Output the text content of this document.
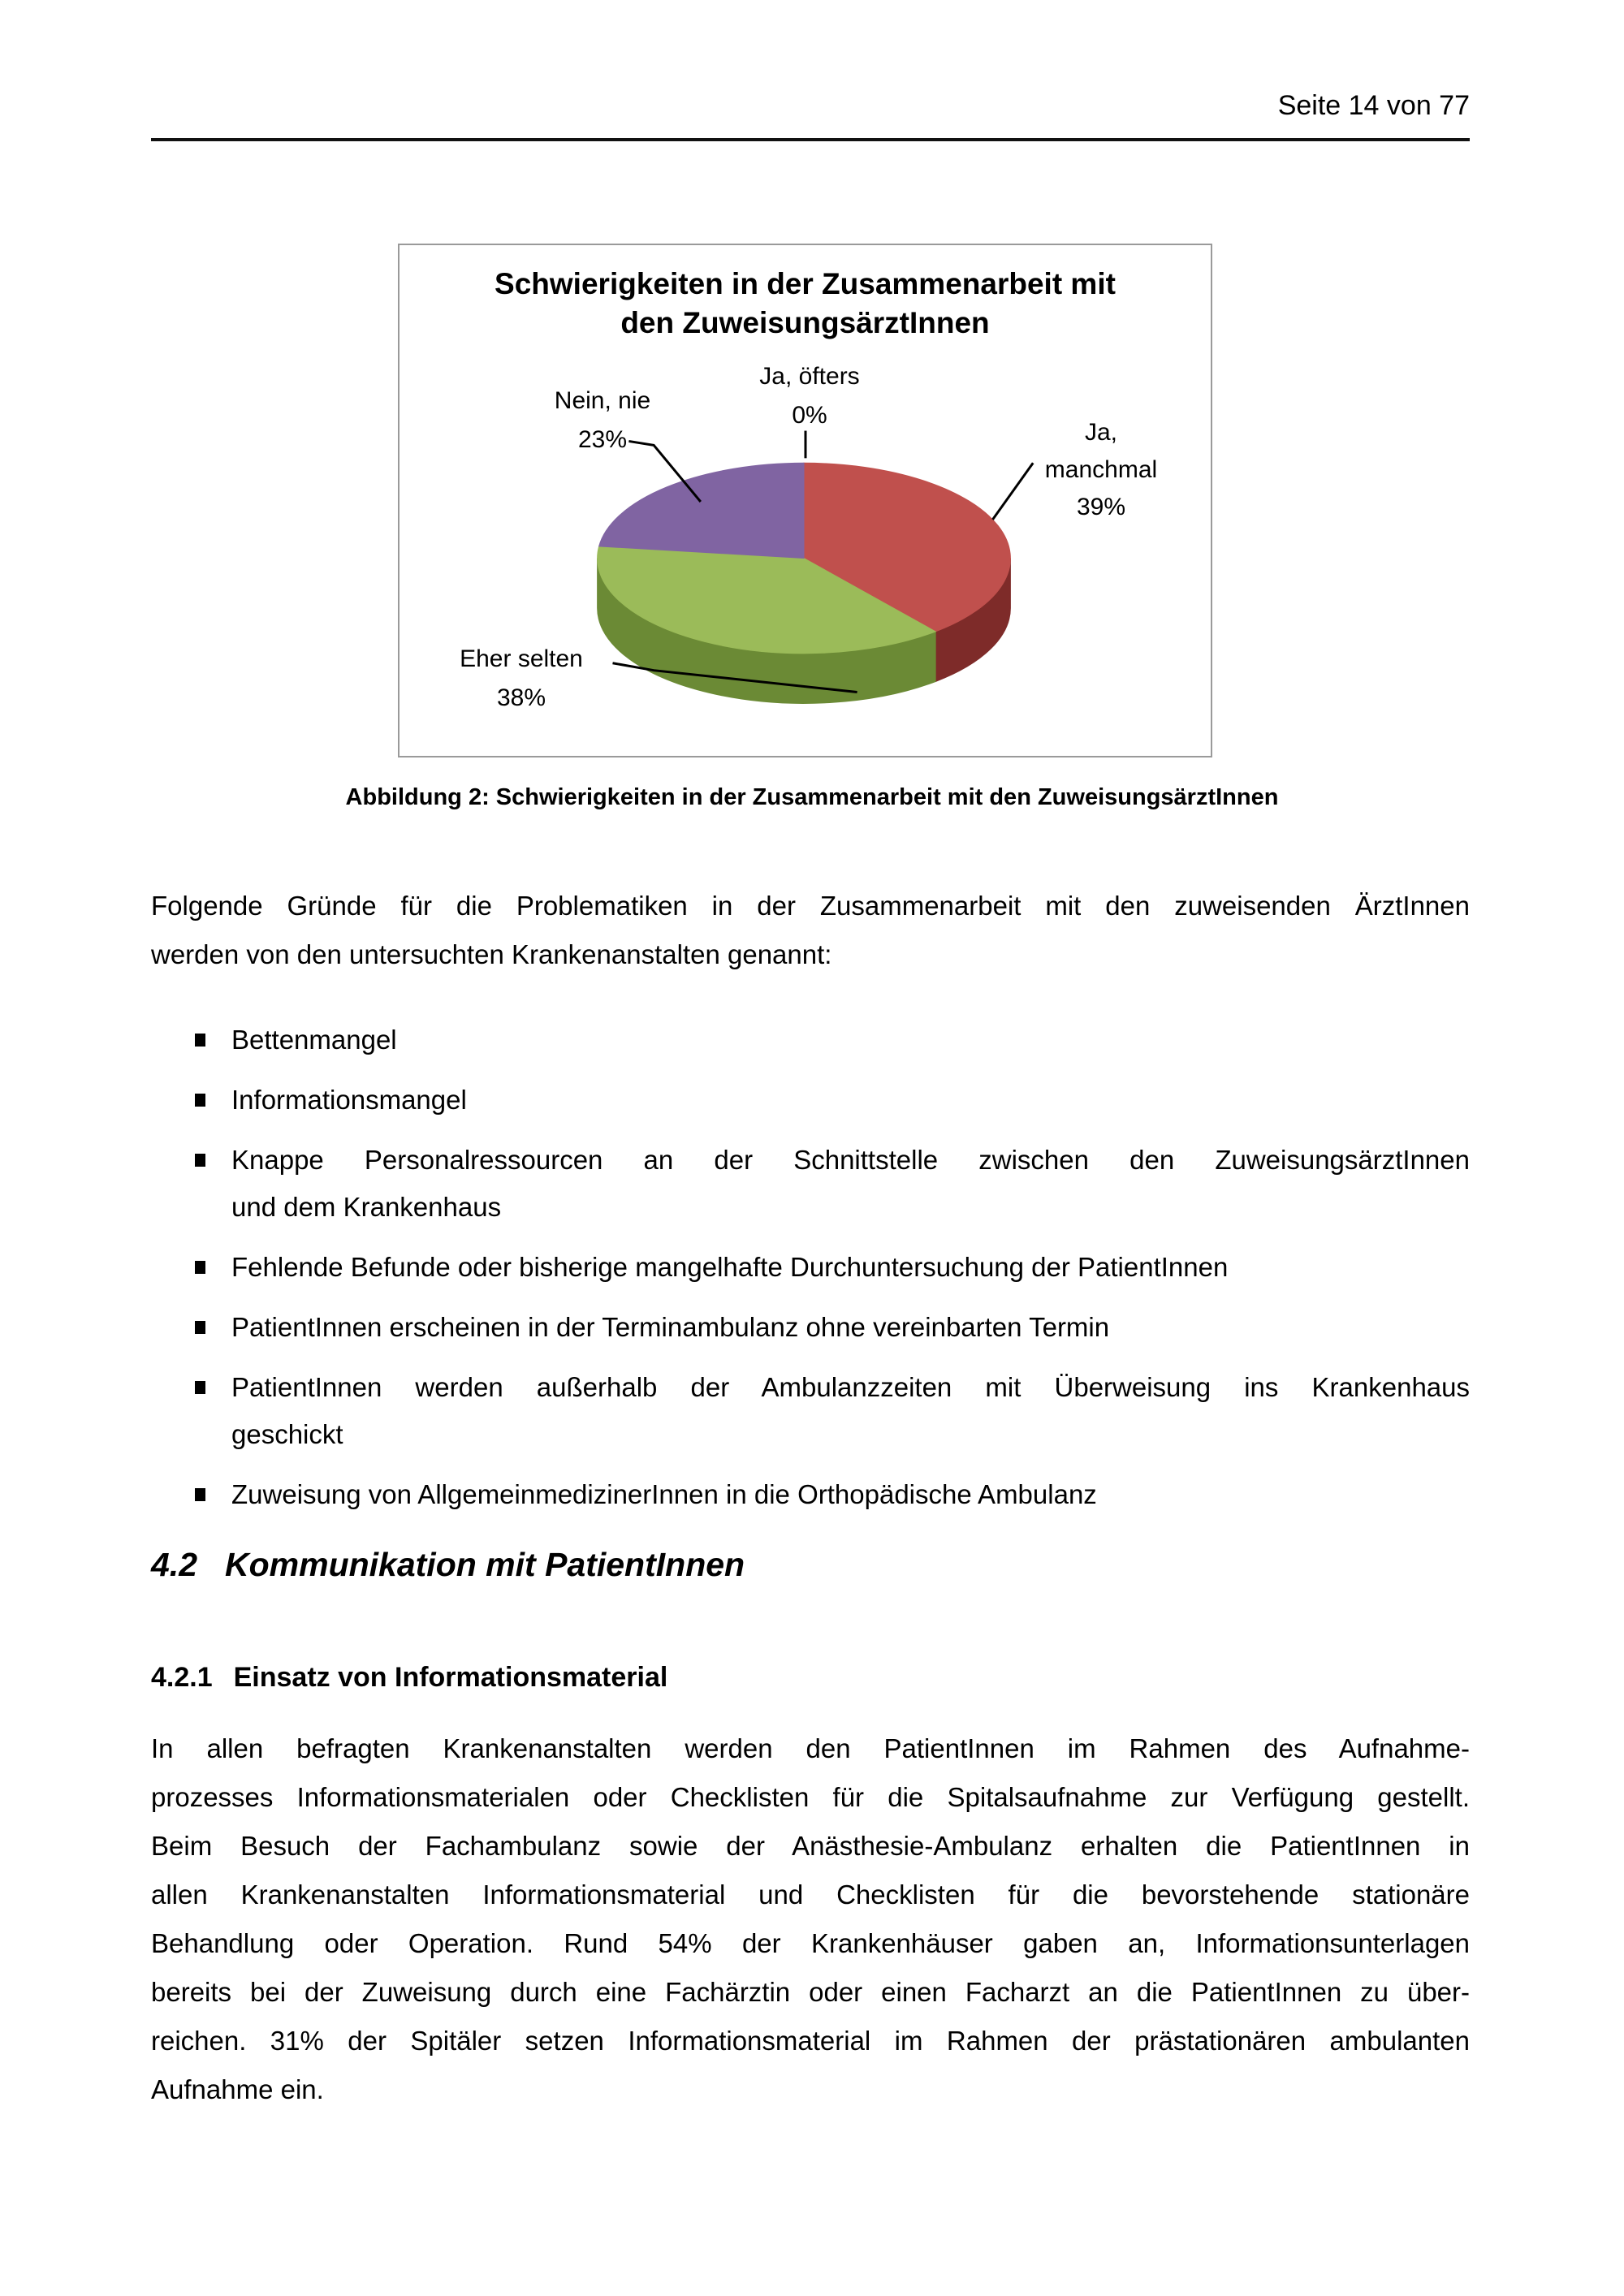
Seite 14 von 77
Schwierigkeiten in der Zusammenarbeit mit
den ZuweisungsärztInnen
Ja, öfters
0%
Nein, nie
23%	Ja,
manchmal
39%
Eher selten
38%
Abbildung 2: Schwierigkeiten in der Zusammenarbeit mit den ZuweisungsärztInnen
Folgende Gründe für die Problematiken in der Zusammenarbeit mit den zuweisenden ÄrztInnen
werden von den untersuchten Krankenanstalten genannt:
Bettenmangel
Informationsmangel
Knappe Personalressourcen an der Schnittstelle zwischen den ZuweisungsärztInnen
und dem Krankenhaus
Fehlende Befunde oder bisherige mangelhafte Durchuntersuchung der PatientInnen
PatientInnen erscheinen in der Terminambulanz ohne vereinbarten Termin
PatientInnen werden außerhalb der Ambulanzzeiten mit Überweisung ins Krankenhaus
geschickt
Zuweisung von AllgemeinmedizinerInnen in die Orthopädische Ambulanz
4.2 Kommunikation mit PatientInnen
4.2.1 Einsatz von Informationsmaterial
In allen befragten Krankenanstalten werden den PatientInnen im Rahmen des Aufnahme-
prozesses Informationsmaterialen oder Checklisten für die Spitalsaufnahme zur Verfügung gestellt.
Beim Besuch der Fachambulanz sowie der Anästhesie-Ambulanz erhalten die PatientInnen in
allen Krankenanstalten Informationsmaterial und Checklisten für die bevorstehende stationäre
Behandlung oder Operation. Rund 54% der Krankenhäuser gaben an, Informationsunterlagen
bereits bei der Zuweisung durch eine Fachärztin oder einen Facharzt an die PatientInnen zu über-
reichen. 31% der Spitäler setzen Informationsmaterial im Rahmen der prästationären ambulanten
Aufnahme ein.
